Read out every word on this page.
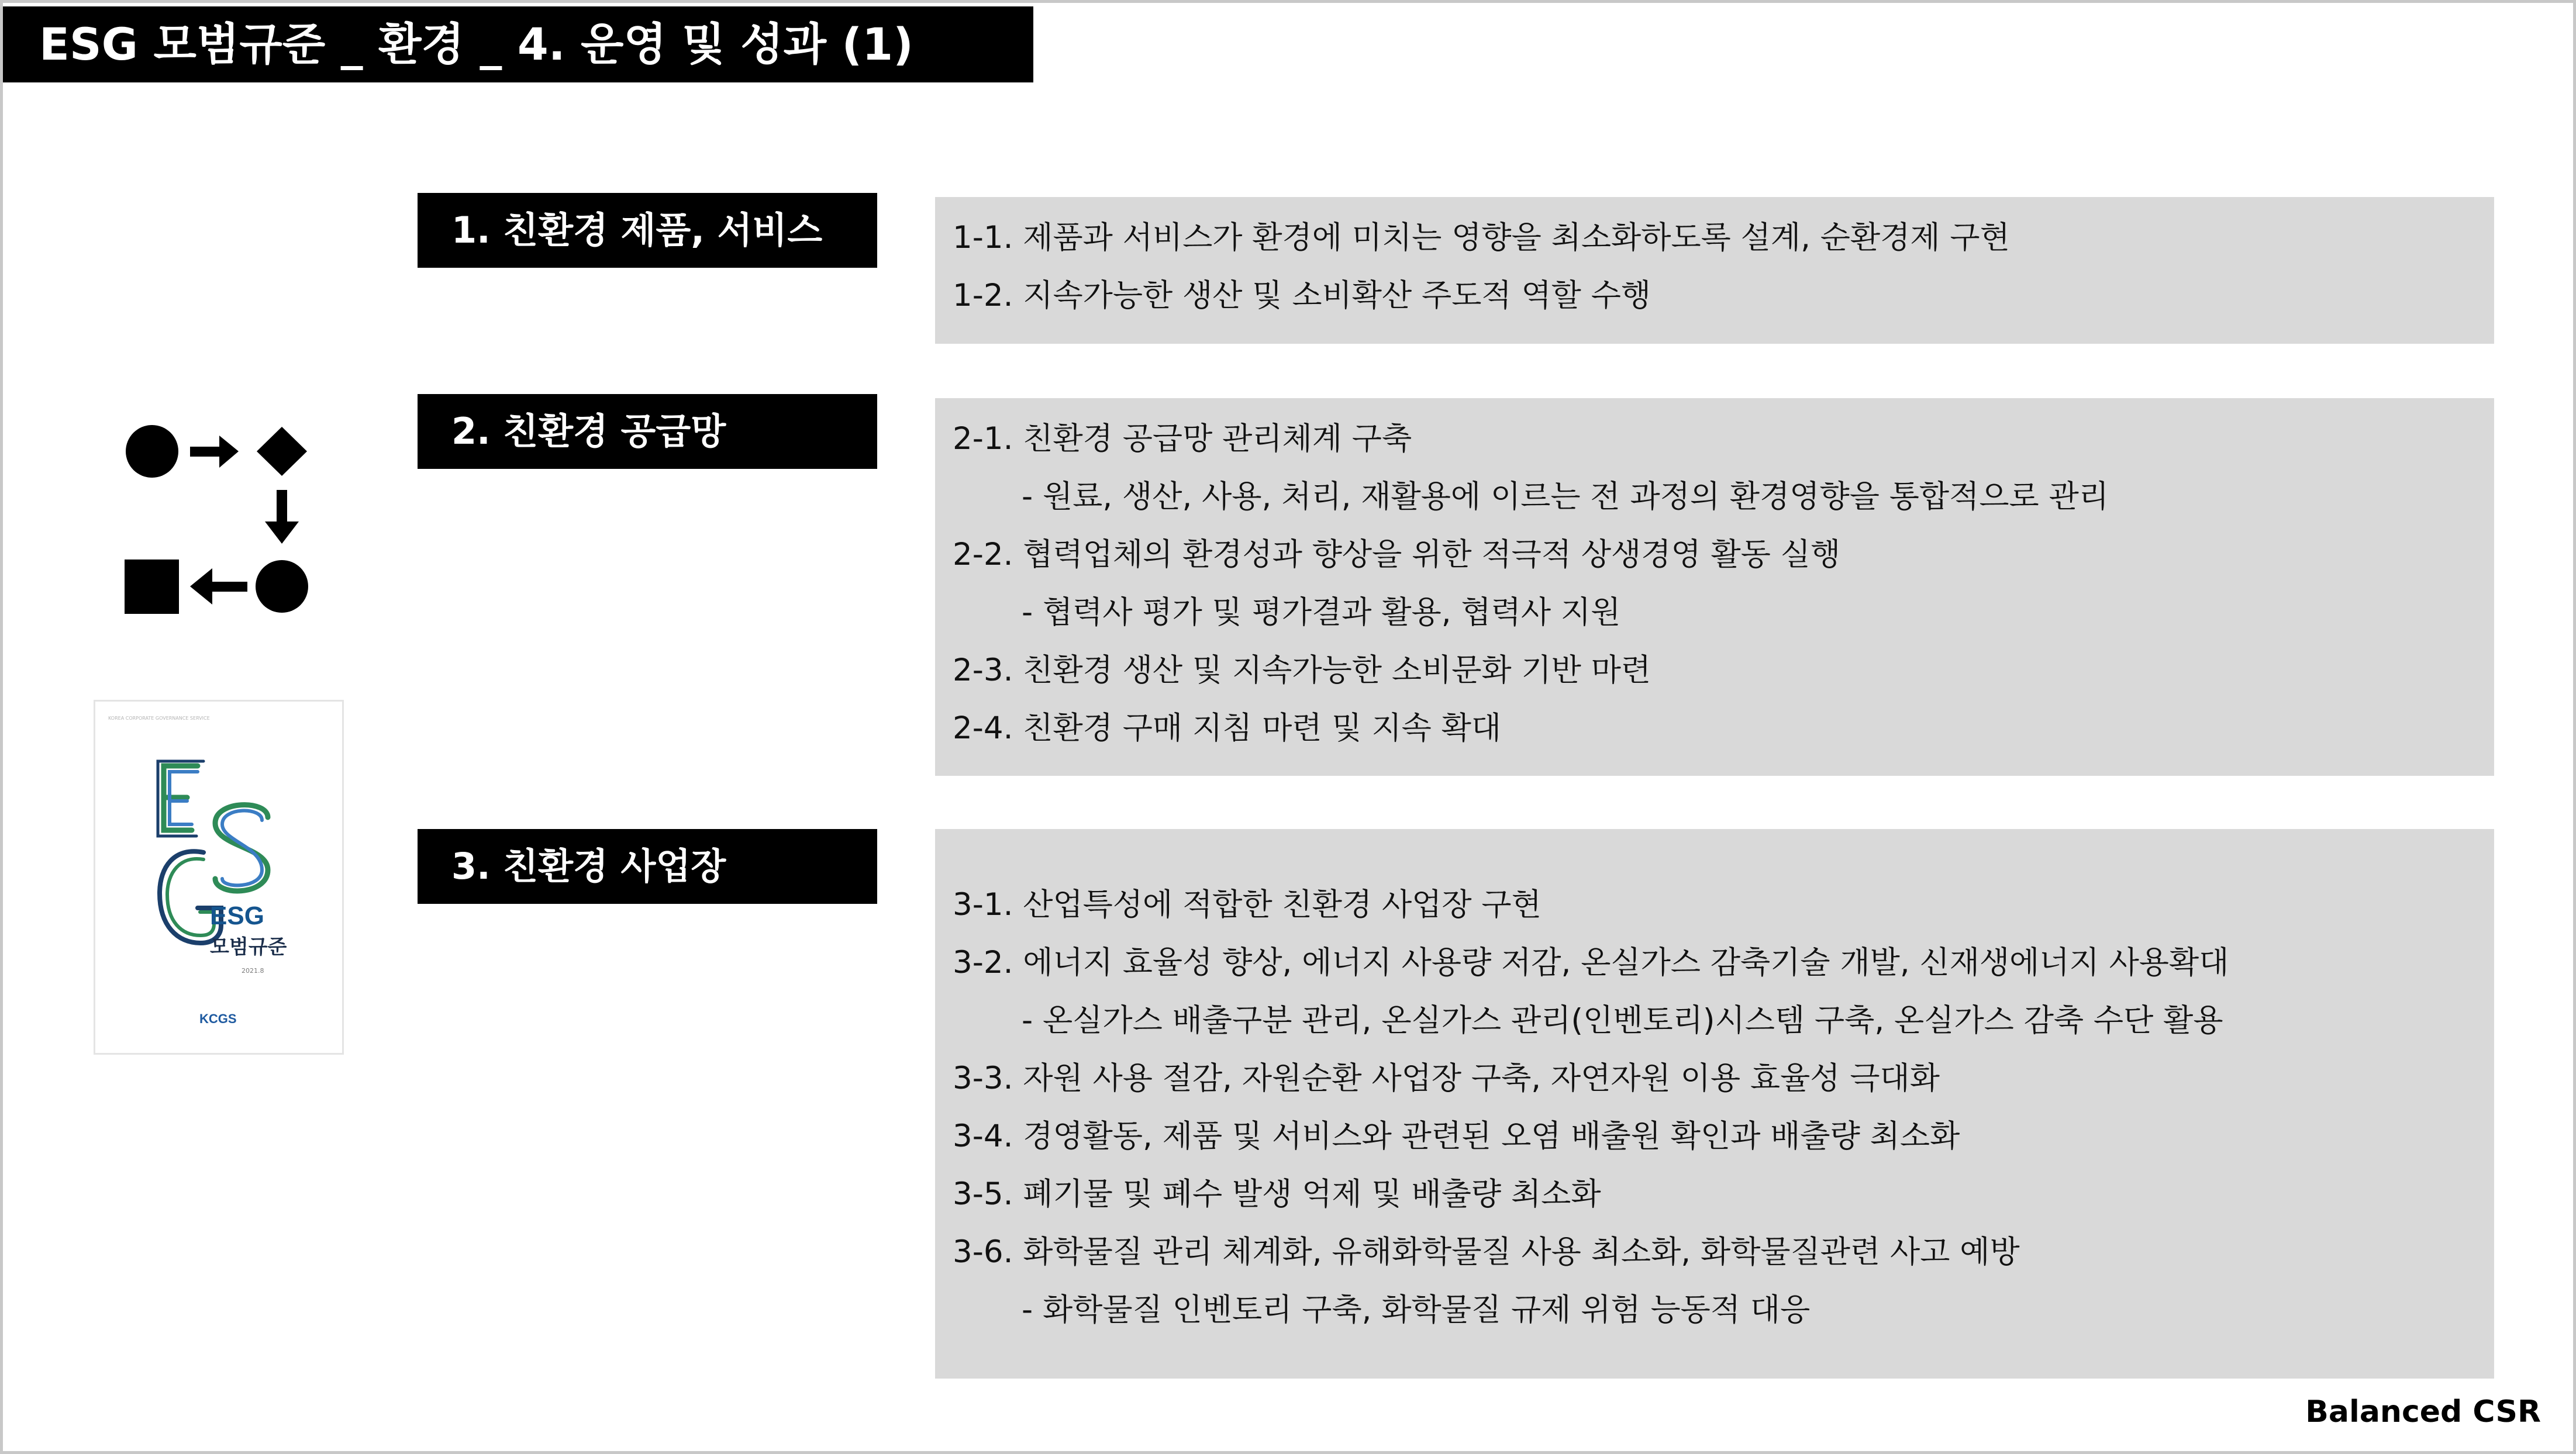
ESG 모범규준 _ 환경 _ 4. 운영 및 성과 (1)
KOREA CORPORATE GOVERNANCE SERVICE
ESG
모범규준
2021.8
KCGS
1. 친환경 제품, 서비스	1-1. 제품과 서비스가 환경에 미치는 영향을 최소화하도록 설계, 순환경제 구현
1-2. 지속가능한 생산 및 소비확산 주도적 역할 수행
2. 친환경 공급망	2-1. 친환경 공급망 관리체계 구축
- 원료, 생산, 사용, 처리, 재활용에 이르는 전 과정의 환경영향을 통합적으로 관리
2-2. 협력업체의 환경성과 향상을 위한 적극적 상생경영 활동 실행
- 협력사 평가 및 평가결과 활용, 협력사 지원
2-3. 친환경 생산 및 지속가능한 소비문화 기반 마련
2-4. 친환경 구매 지침 마련 및 지속 확대
3. 친환경 사업장
3-1. 산업특성에 적합한 친환경 사업장 구현
3-2. 에너지 효율성 향상, 에너지 사용량 저감, 온실가스 감축기술 개발, 신재생에너지 사용확대
- 온실가스 배출구분 관리, 온실가스 관리(인벤토리)시스템 구축, 온실가스 감축 수단 활용
3-3. 자원 사용 절감, 자원순환 사업장 구축, 자연자원 이용 효율성 극대화
3-4. 경영활동, 제품 및 서비스와 관련된 오염 배출원 확인과 배출량 최소화
3-5. 폐기물 및 폐수 발생 억제 및 배출량 최소화
3-6. 화학물질 관리 체계화, 유해화학물질 사용 최소화, 화학물질관련 사고 예방
- 화학물질 인벤토리 구축, 화학물질 규제 위험 능동적 대응
Balanced CSR
